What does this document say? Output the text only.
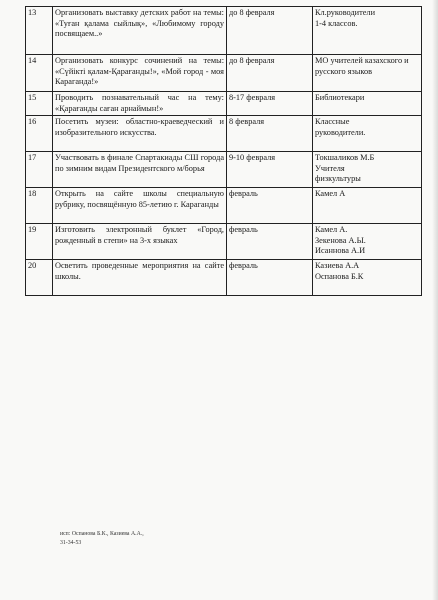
13	Организовать выставку детских работ на темы: «Туған қалама сыйлық», «Любимому городу посвящаем..»	до 8 февраля	Кл.руководители
1-4 классов.
14	Организовать конкурс сочинений на темы: «Сүйікті қалам-Қарағанды!», «Мой город - моя Караганда!»	до 8 февраля	МО учителей казахского и русского языков
15	Проводить познавательный час на тему: «Қарағанды саған арнаймын!»	8-17 февраля	Библиотекари
16	Посетить музеи: областно-краеведческий и изобразительного искусства.	8 февраля	Классные
руководители.
17	Участвовать в финале Спартакиады СШ города по зимним видам Президентского м/борья	9-10 февраля	Токшаликов М.Б
Учителя
физкультуры
18	Открыть на сайте школы специальную рубрику, посвящённую 85-летию г. Караганды	февраль	Камел А
19	Изготовить электронный буклет «Город, рожденный в степи» на 3-х языках	февраль	Камел А.
Зекенова А.Ы.
Исаннова А.И
20	Осветить проведенные мероприятия на сайте школы.	февраль	Казиева А.А
Оспанова Б.К
исп: Оспанова Б.К., Казиева А.А.,
31-34-53
